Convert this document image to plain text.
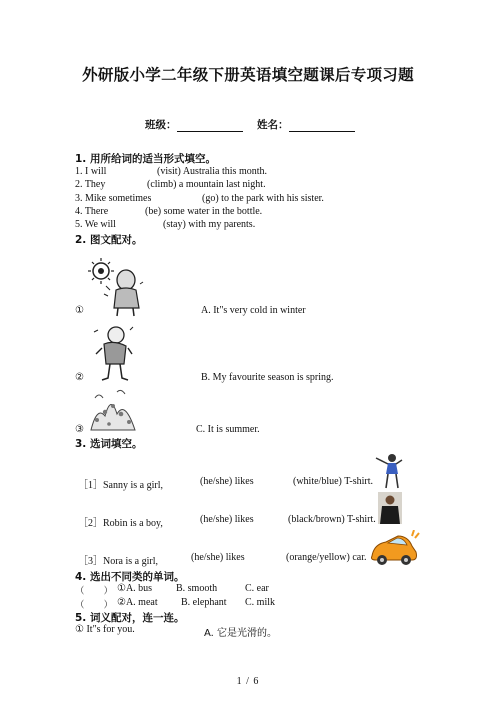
外研版小学二年级下册英语填空题课后专项习题
班级：	姓名：
1. 用所给词的适当形式填空。
1. I will	(visit) Australia this month.
2. They	(climb) a mountain last night.
3. Mike sometimes	(go) to the park with his sister.
4. There	(be) some water in the bottle.
5. We will	(stay) with my parents.
2. 图文配对。
①	A. It"s very cold in winter
②	B. My favourite season is spring.
③	C. It is summer.
3. 选词填空。
［1］Sanny is a girl,	(he/she) likes	(white/blue) T-shirt.
［2］Robin is a boy,	(he/she) likes	(black/brown) T-shirt.
［3］Nora is a girl,	(he/she) likes	(orange/yellow) car.
4. 选出不同类的单词。
（　　） ①A. bus B. smooth	C. ear
（　　） ②A. meat B. elephant C. milk
5. 词义配对，连一连。
① It"s for you.	A. 它是光滑的。
1 / 6
